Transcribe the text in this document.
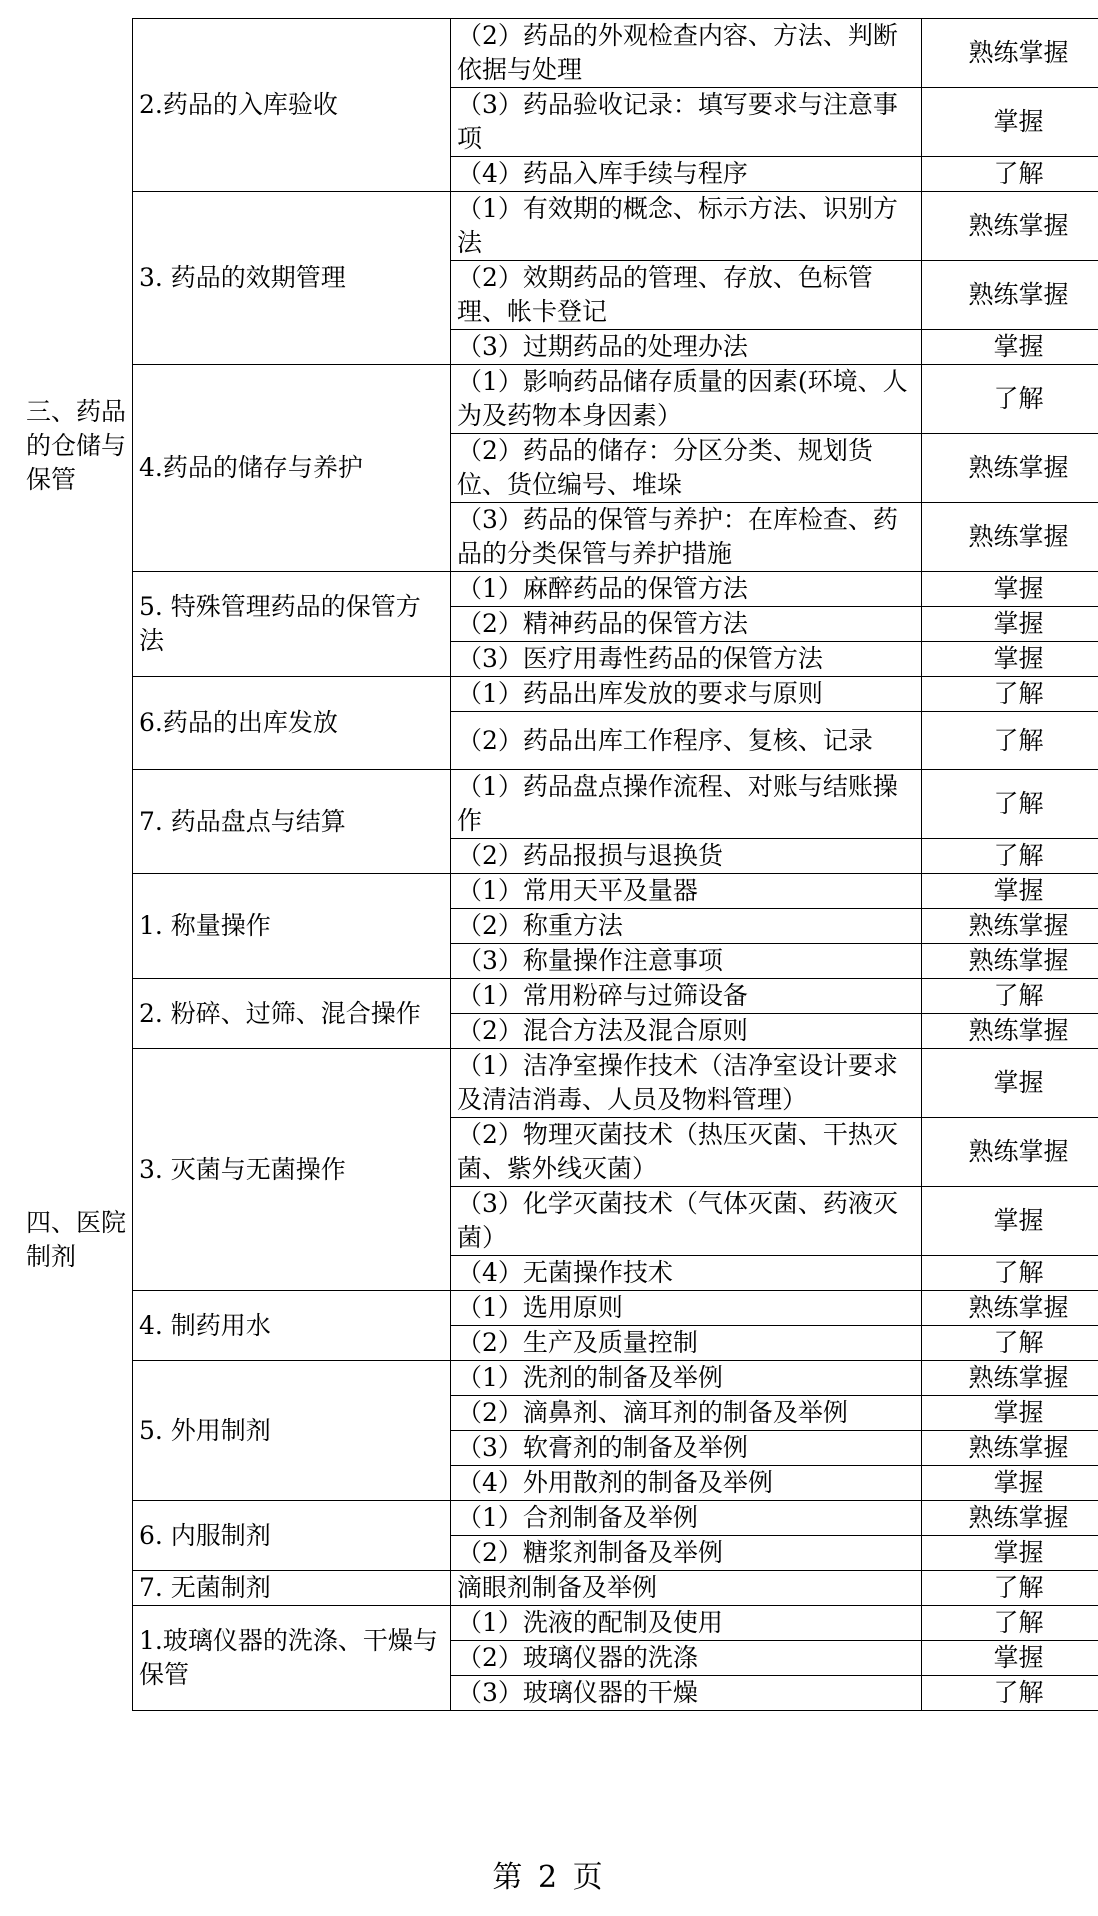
三、药品的仓储与保管	2.药品的入库验收	（2）药品的外观检查内容、方法、判断依据与处理	熟练掌握
		（3）药品验收记录：填写要求与注意事项	掌握
		（4）药品入库手续与程序	了解
	3. 药品的效期管理	（1）有效期的概念、标示方法、识别方法	熟练掌握
		（2）效期药品的管理、存放、色标管理、帐卡登记	熟练掌握
		（3）过期药品的处理办法	掌握
	4.药品的储存与养护	（1）影响药品储存质量的因素(环境、人为及药物本身因素）	了解
		（2）药品的储存：分区分类、规划货位、货位编号、堆垛	熟练掌握
		（3）药品的保管与养护：在库检查、药品的分类保管与养护措施	熟练掌握
	5. 特殊管理药品的保管方法	（1）麻醉药品的保管方法	掌握
		（2）精神药品的保管方法	掌握
		（3）医疗用毒性药品的保管方法	掌握
	6.药品的出库发放	（1）药品出库发放的要求与原则	了解
		（2）药品出库工作程序、复核、记录	了解
	7. 药品盘点与结算	（1）药品盘点操作流程、对账与结账操作	了解
		（2）药品报损与退换货	了解
四、医院制剂	1. 称量操作	（1）常用天平及量器	掌握
		（2）称重方法	熟练掌握
		（3）称量操作注意事项	熟练掌握
	2. 粉碎、过筛、混合操作	（1）常用粉碎与过筛设备	了解
		（2）混合方法及混合原则	熟练掌握
	3. 灭菌与无菌操作	（1）洁净室操作技术（洁净室设计要求及清洁消毒、人员及物料管理）	掌握
		（2）物理灭菌技术（热压灭菌、干热灭菌、紫外线灭菌）	熟练掌握
		（3）化学灭菌技术（气体灭菌、药液灭菌）	掌握
		（4）无菌操作技术	了解
	4. 制药用水	（1）选用原则	熟练掌握
		（2）生产及质量控制	了解
	5. 外用制剂	（1）洗剂的制备及举例	熟练掌握
		（2）滴鼻剂、滴耳剂的制备及举例	掌握
		（3）软膏剂的制备及举例	熟练掌握
		（4）外用散剂的制备及举例	掌握
	6. 内服制剂	（1）合剂制备及举例	熟练掌握
		（2）糖浆剂制备及举例	掌握
	7. 无菌制剂	滴眼剂制备及举例	了解
	1.玻璃仪器的洗涤、干燥与保管	（1）洗液的配制及使用	了解
		（2）玻璃仪器的洗涤	掌握
		（3）玻璃仪器的干燥	了解
第 2 页
